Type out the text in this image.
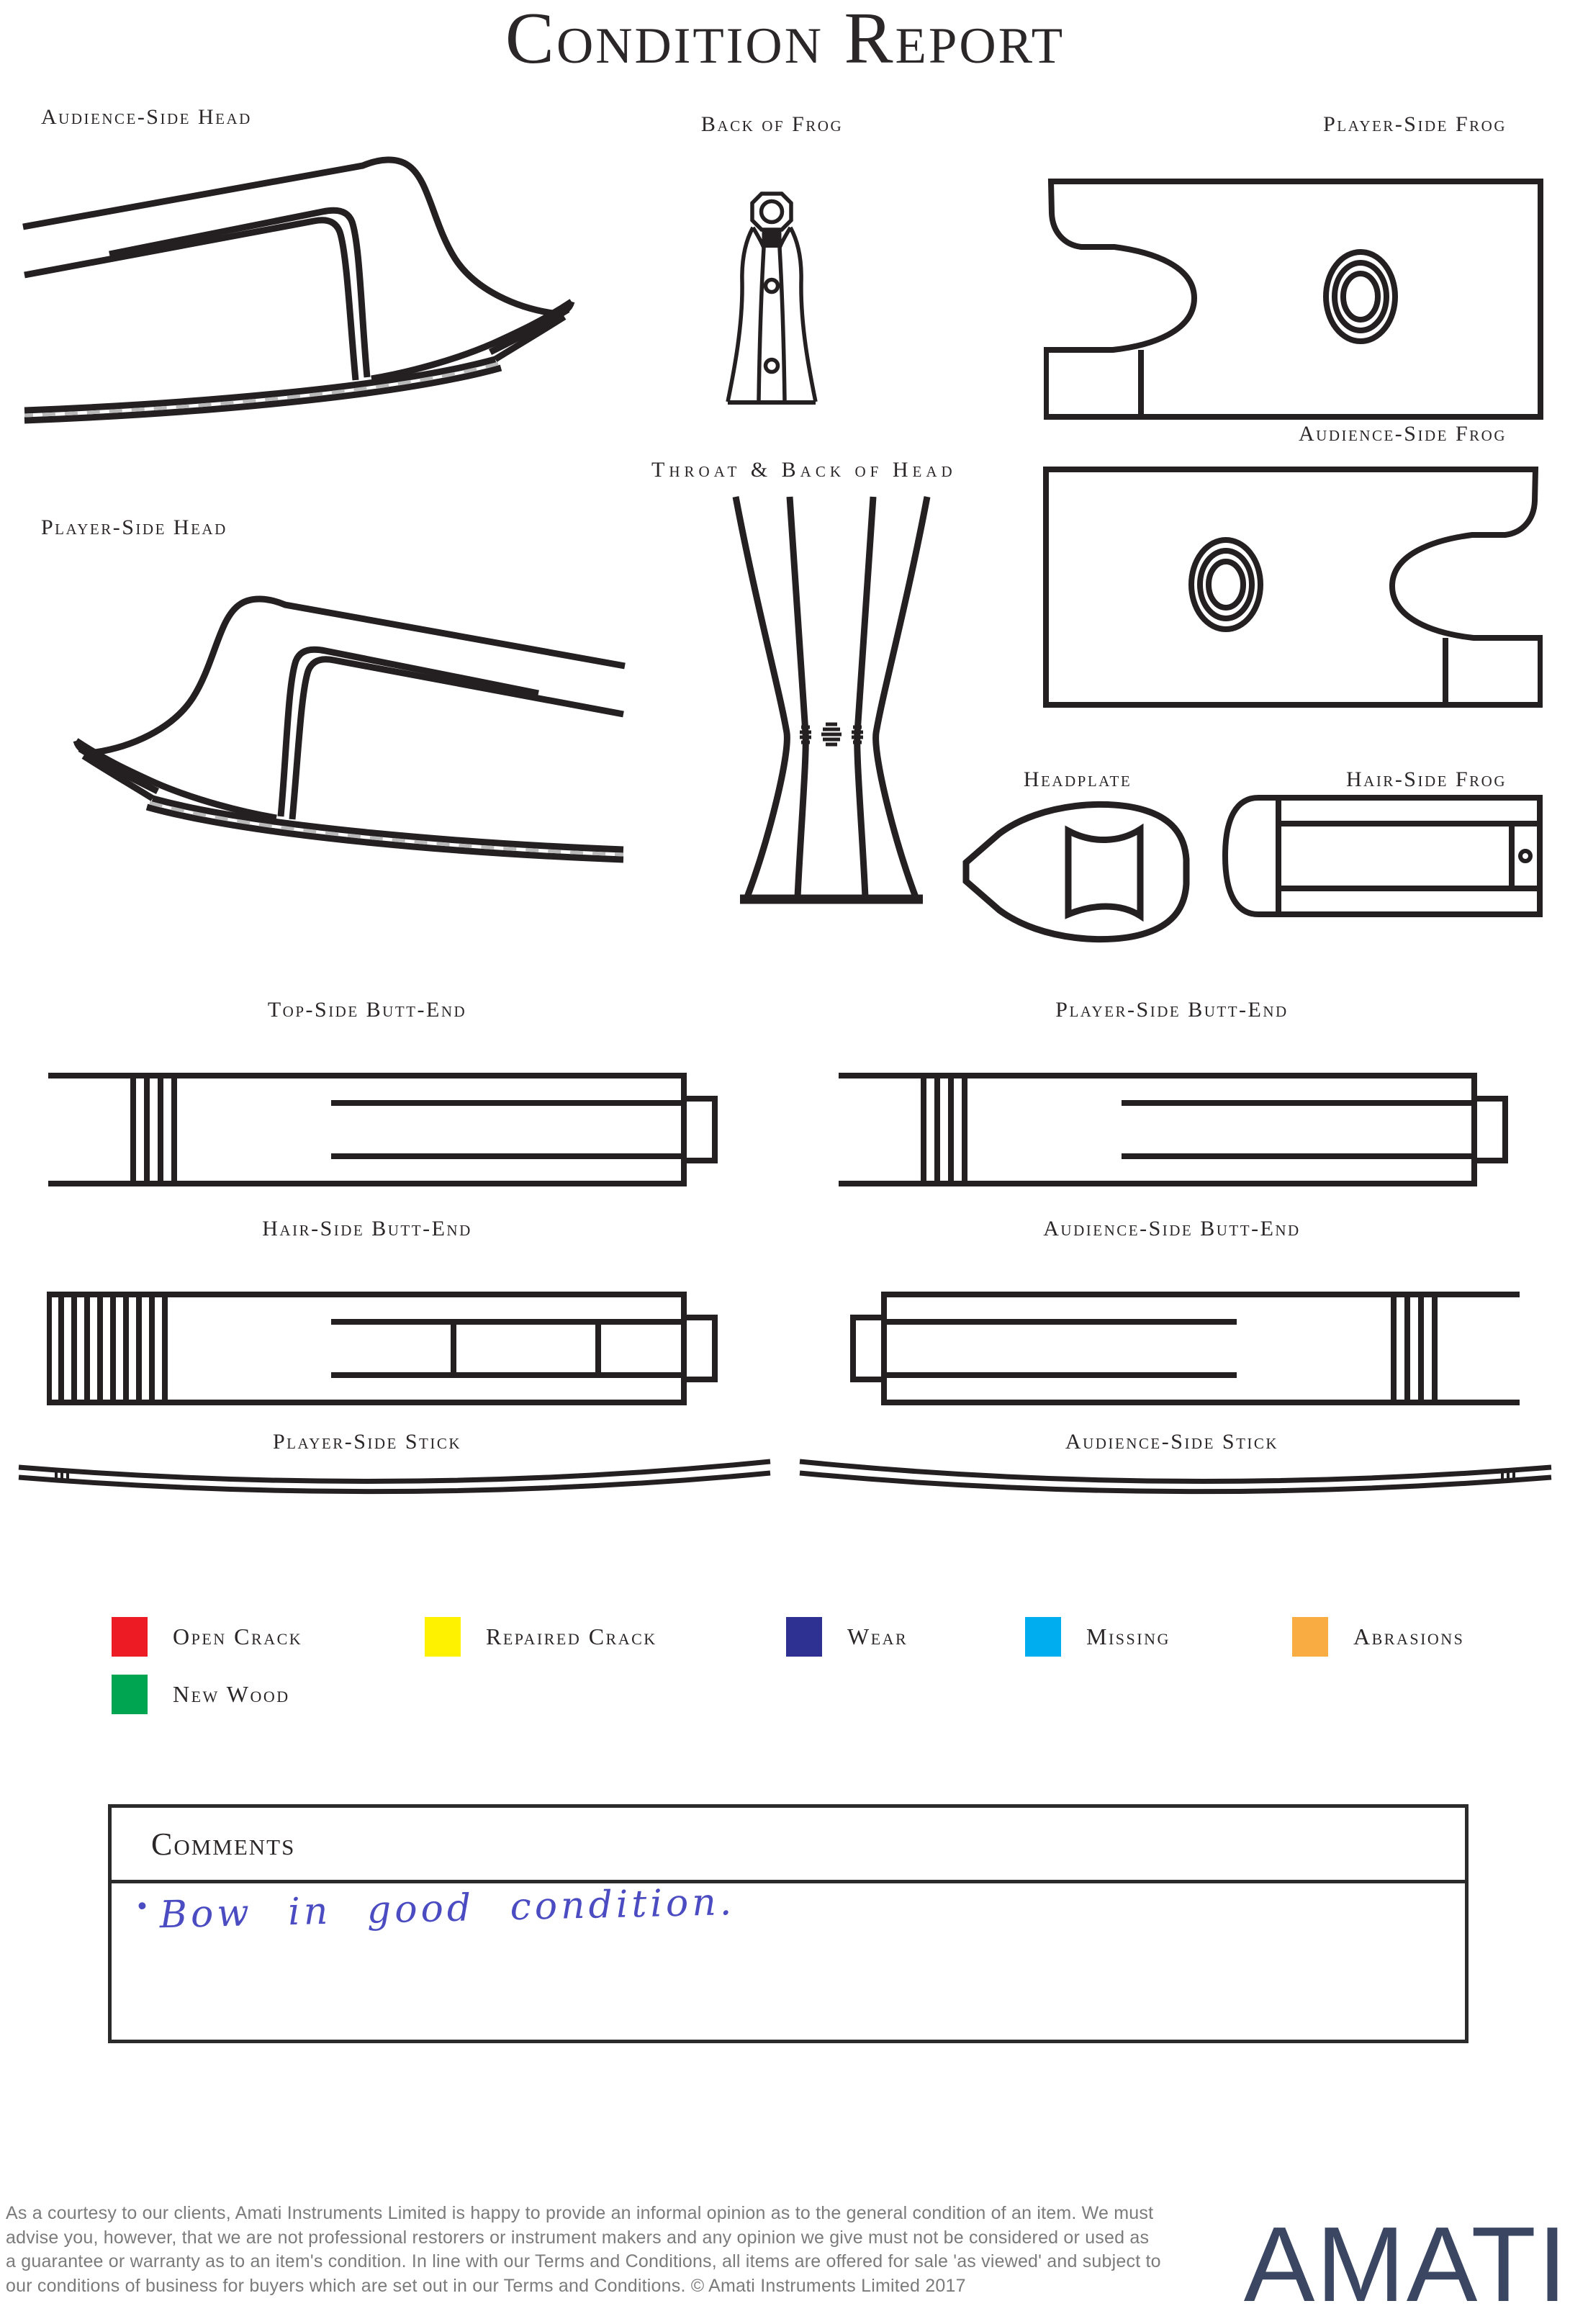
Condition Report
Audience-Side Head	Back of Frog	Player-Side Frog
Audience-Side Frog
Player-Side Head
Throat & Back of Head
Headplate	Hair-Side Frog
Top-Side Butt-End	Player-Side Butt-End
Hair-Side Butt-End	Audience-Side Butt-End
Player-Side Stick	Audience-Side Stick
Open Crack	Repaired Crack	Wear	Missing	Abrasions
New Wood
Comments
• Bow in good condition.
As a courtesy to our clients, Amati Instruments Limited is happy to provide an informal opinion as to the general condition of an item. We must
advise you, however, that we are not professional restorers or instrument makers and any opinion we give must not be considered or used as
a guarantee or warranty as to an item's condition. In line with our Terms and Conditions, all items are offered for sale 'as viewed' and subject to
our conditions of business for buyers which are set out in our Terms and Conditions. © Amati Instruments Limited 2017	AMATI
